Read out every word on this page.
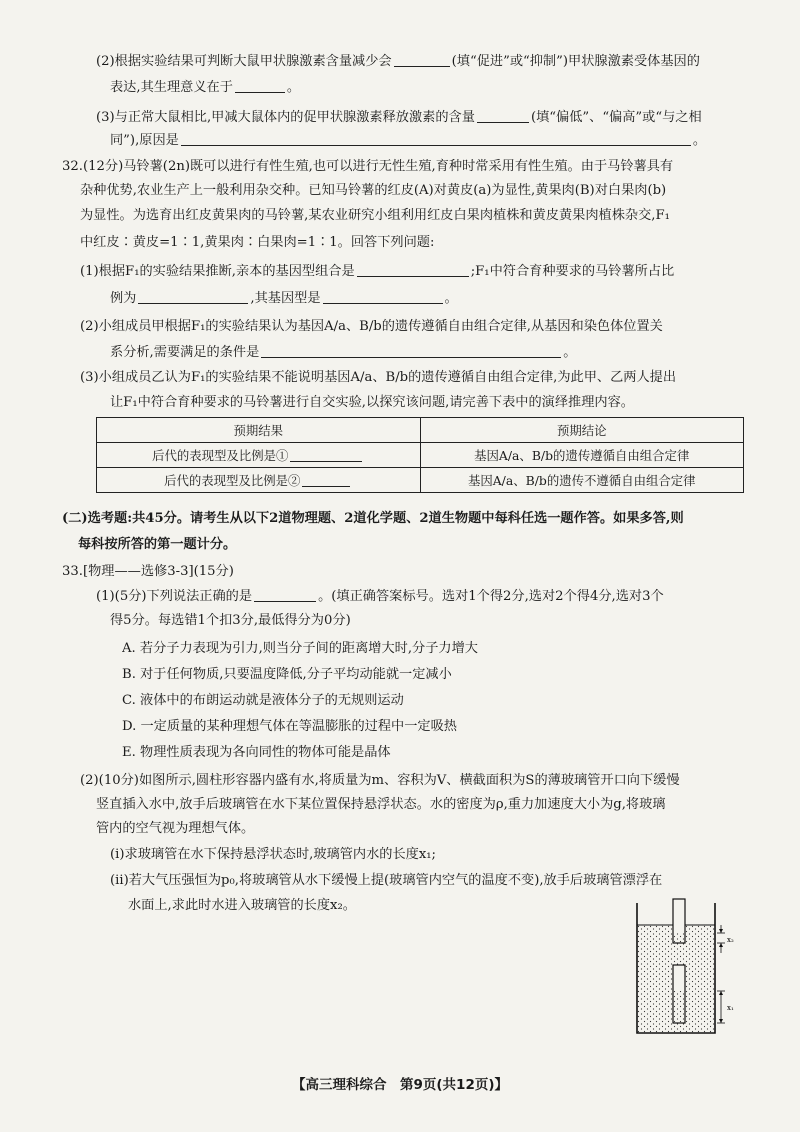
(2)根据实验结果可判断大鼠甲状腺激素含量减少会	(填“促进”或“抑制”)甲状腺激素受体基因的
表达,其生理意义在于	。
(3)与正常大鼠相比,甲减大鼠体内的促甲状腺激素释放激素的含量	(填“偏低”、“偏高”或“与之相
同”),原因是	。
32.(12分)马铃薯(2n)既可以进行有性生殖,也可以进行无性生殖,育种时常采用有性生殖。由于马铃薯具有
杂种优势,农业生产上一般利用杂交种。已知马铃薯的红皮(A)对黄皮(a)为显性,黄果肉(B)对白果肉(b)
为显性。为选育出红皮黄果肉的马铃薯,某农业研究小组利用红皮白果肉植株和黄皮黄果肉植株杂交,F₁
中红皮∶黄皮=1∶1,黄果肉∶白果肉=1∶1。回答下列问题:
(1)根据F₁的实验结果推断,亲本的基因型组合是	;F₁中符合育种要求的马铃薯所占比
例为	,其基因型是	。
(2)小组成员甲根据F₁的实验结果认为基因A/a、B/b的遗传遵循自由组合定律,从基因和染色体位置关
系分析,需要满足的条件是	。
(3)小组成员乙认为F₁的实验结果不能说明基因A/a、B/b的遗传遵循自由组合定律,为此甲、乙两人提出
让F₁中符合育种要求的马铃薯进行自交实验,以探究该问题,请完善下表中的演绎推理内容。
预期结果	预期结论
后代的表现型及比例是①	基因A/a、B/b的遗传遵循自由组合定律
后代的表现型及比例是②	基因A/a、B/b的遗传不遵循自由组合定律
(二)选考题:共45分。请考生从以下2道物理题、2道化学题、2道生物题中每科任选一题作答。如果多答,则
每科按所答的第一题计分。
33.[物理——选修3-3](15分)
(1)(5分)下列说法正确的是	。(填正确答案标号。选对1个得2分,选对2个得4分,选对3个
得5分。每选错1个扣3分,最低得分为0分)
A. 若分子力表现为引力,则当分子间的距离增大时,分子力增大
B. 对于任何物质,只要温度降低,分子平均动能就一定减小
C. 液体中的布朗运动就是液体分子的无规则运动
D. 一定质量的某种理想气体在等温膨胀的过程中一定吸热
E. 物理性质表现为各向同性的物体可能是晶体
(2)(10分)如图所示,圆柱形容器内盛有水,将质量为m、容积为V、横截面积为S的薄玻璃管开口向下缓慢
竖直插入水中,放手后玻璃管在水下某位置保持悬浮状态。水的密度为ρ,重力加速度大小为g,将玻璃
管内的空气视为理想气体。
(ⅰ)求玻璃管在水下保持悬浮状态时,玻璃管内水的长度x₁;
(ⅱ)若大气压强恒为p₀,将玻璃管从水下缓慢上提(玻璃管内空气的温度不变),放手后玻璃管漂浮在
水面上,求此时水进入玻璃管的长度x₂。
x₂
x₁
【高三理科综合　第9页(共12页)】
